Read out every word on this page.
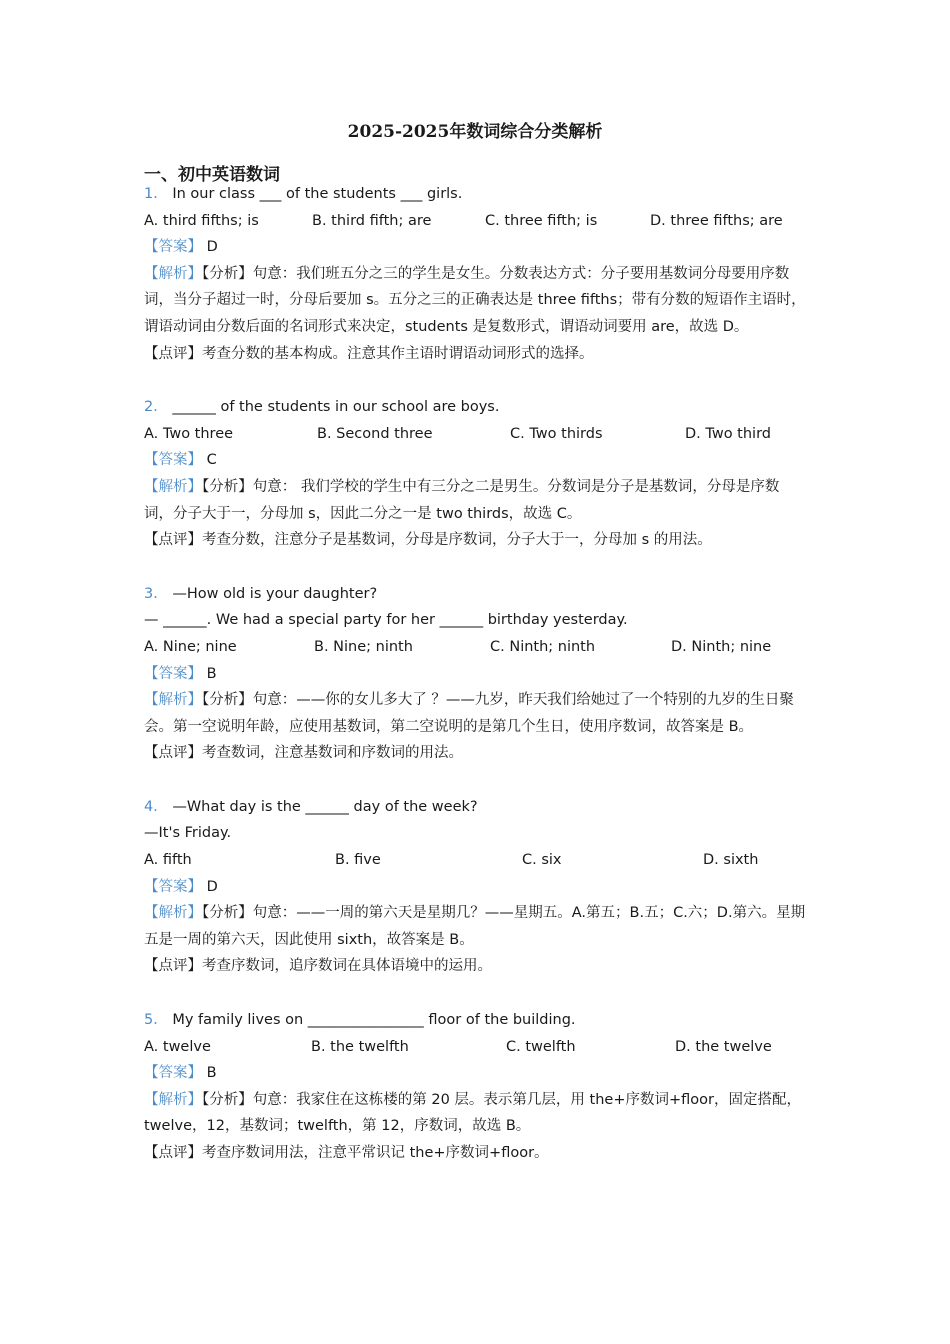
2025-2025年数词综合分类解析
一、初中英语数词
1． In our class ___ of the students ___ girls.
A. third fifths; is	B. third fifth; are	C. three fifth; is	D. three fifths; are
【答案】 D
【解析】【分析】句意：我们班五分之三的学生是女生。分数表达方式：分子要用基数词分母要用序数词，当分子超过一时，分母后要加 s。五分之三的正确表达是 three fifths；带有分数的短语作主语时，谓语动词由分数后面的名词形式来决定，students 是复数形式，谓语动词要用 are，故选 D。
【点评】考查分数的基本构成。注意其作主语时谓语动词形式的选择。
2． ______ of the students in our school are boys.
A. Two three	B. Second three	C. Two thirds	D. Two third
【答案】 C
【解析】【分析】句意： 我们学校的学生中有三分之二是男生。分数词是分子是基数词，分母是序数词，分子大于一，分母加 s，因此二分之一是 two thirds，故选 C。
【点评】考查分数，注意分子是基数词，分母是序数词，分子大于一，分母加 s 的用法。
3． —How old is your daughter?
— ______. We had a special party for her ______ birthday yesterday.
A. Nine; nine	B. Nine; ninth	C. Ninth; ninth	D. Ninth; nine
【答案】 B
【解析】【分析】句意：——你的女儿多大了 ？——九岁，昨天我们给她过了一个特别的九岁的生日聚会。第一空说明年龄，应使用基数词，第二空说明的是第几个生日，使用序数词，故答案是 B。
【点评】考查数词，注意基数词和序数词的用法。
4． —What day is the ______ day of the week?
—It's Friday.
A. fifth	B. five	C. six	D. sixth
【答案】 D
【解析】【分析】句意：——一周的第六天是星期几？——星期五。A.第五；B.五；C.六；D.第六。星期五是一周的第六天，因此使用 sixth，故答案是 B。
【点评】考查序数词，追序数词在具体语境中的运用。
5． My family lives on ________________ floor of the building.
A. twelve	B. the twelfth	C. twelfth	D. the twelve
【答案】 B
【解析】【分析】句意：我家住在这栋楼的第 20 层。表示第几层，用 the+序数词+floor，固定搭配，twelve，12，基数词；twelfth，第 12，序数词，故选 B。
【点评】考查序数词用法，注意平常识记 the+序数词+floor。
